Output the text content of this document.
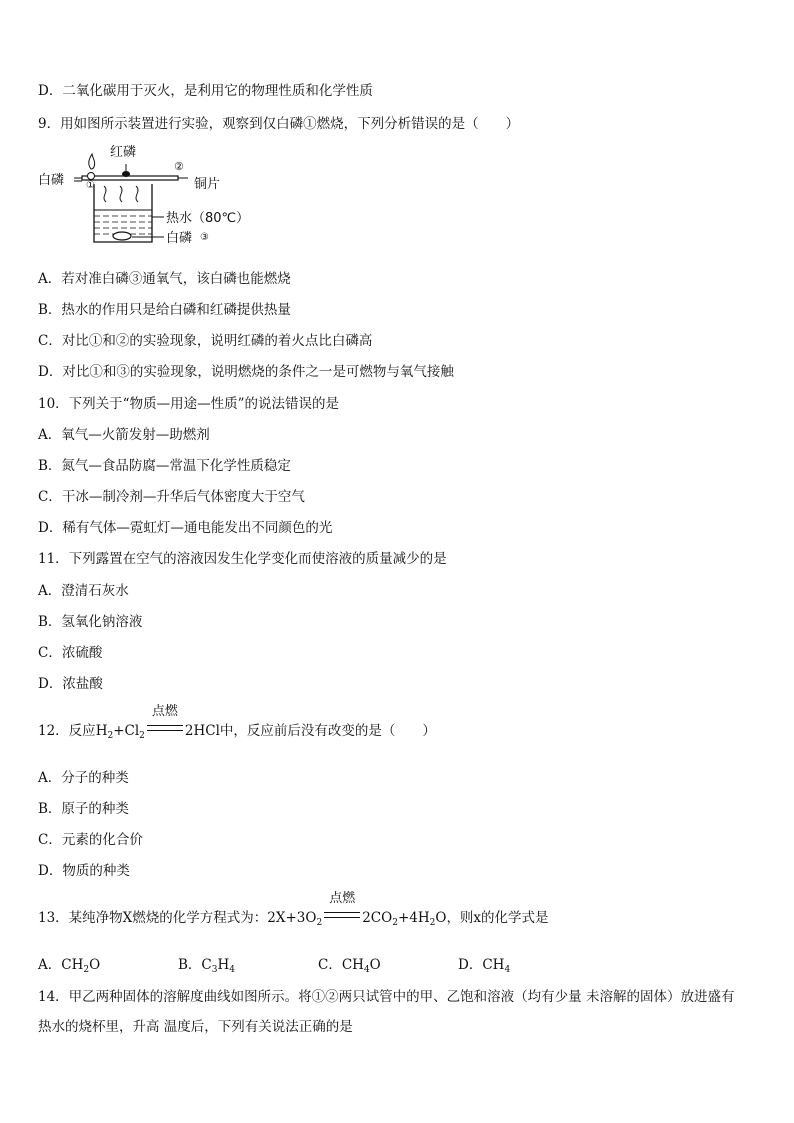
D．二氧化碳用于灭火，是利用它的物理性质和化学性质
9．用如图所示装置进行实验，观察到仅白磷①燃烧，下列分析错误的是（　　）
红磷
②
白磷 ①	铜片
热水（80℃）
白磷 ③
A．若对准白磷③通氧气，该白磷也能燃烧
B．热水的作用只是给白磷和红磷提供热量
C．对比①和②的实验现象，说明红磷的着火点比白磷高
D．对比①和③的实验现象，说明燃烧的条件之一是可燃物与氧气接触
10．下列关于“物质—用途—性质”的说法错误的是
A．氧气—火箭发射—助燃剂
B．氮气—食品防腐—常温下化学性质稳定
C．干冰—制冷剂—升华后气体密度大于空气
D．稀有气体—霓虹灯—通电能发出不同颜色的光
11．下列露置在空气的溶液因发生化学变化而使溶液的质量减少的是
A．澄清石灰水
B．氢氧化钠溶液
C．浓硫酸
D．浓盐酸
12．反应$H_2+Cl_2$
点燃
2HCl中，反应前后没有改变的是（　　）
A．分子的种类
B．原子的种类
C．元素的化合价
D．物质的种类
13．某纯净物X燃烧的化学方程式为：$2X+3O_2$
点燃
$2CO_2+4H_2O$，则x的化学式是
A．$CH_2O$	B．$C_3H_4$	C．$CH_4O$	D．$CH_4$
14．甲乙两种固体的溶解度曲线如图所示。将①②两只试管中的甲、乙饱和溶液（均有少量 未溶解的固体）放进盛有
热水的烧杯里，升高 温度后，下列有关说法正确的是
